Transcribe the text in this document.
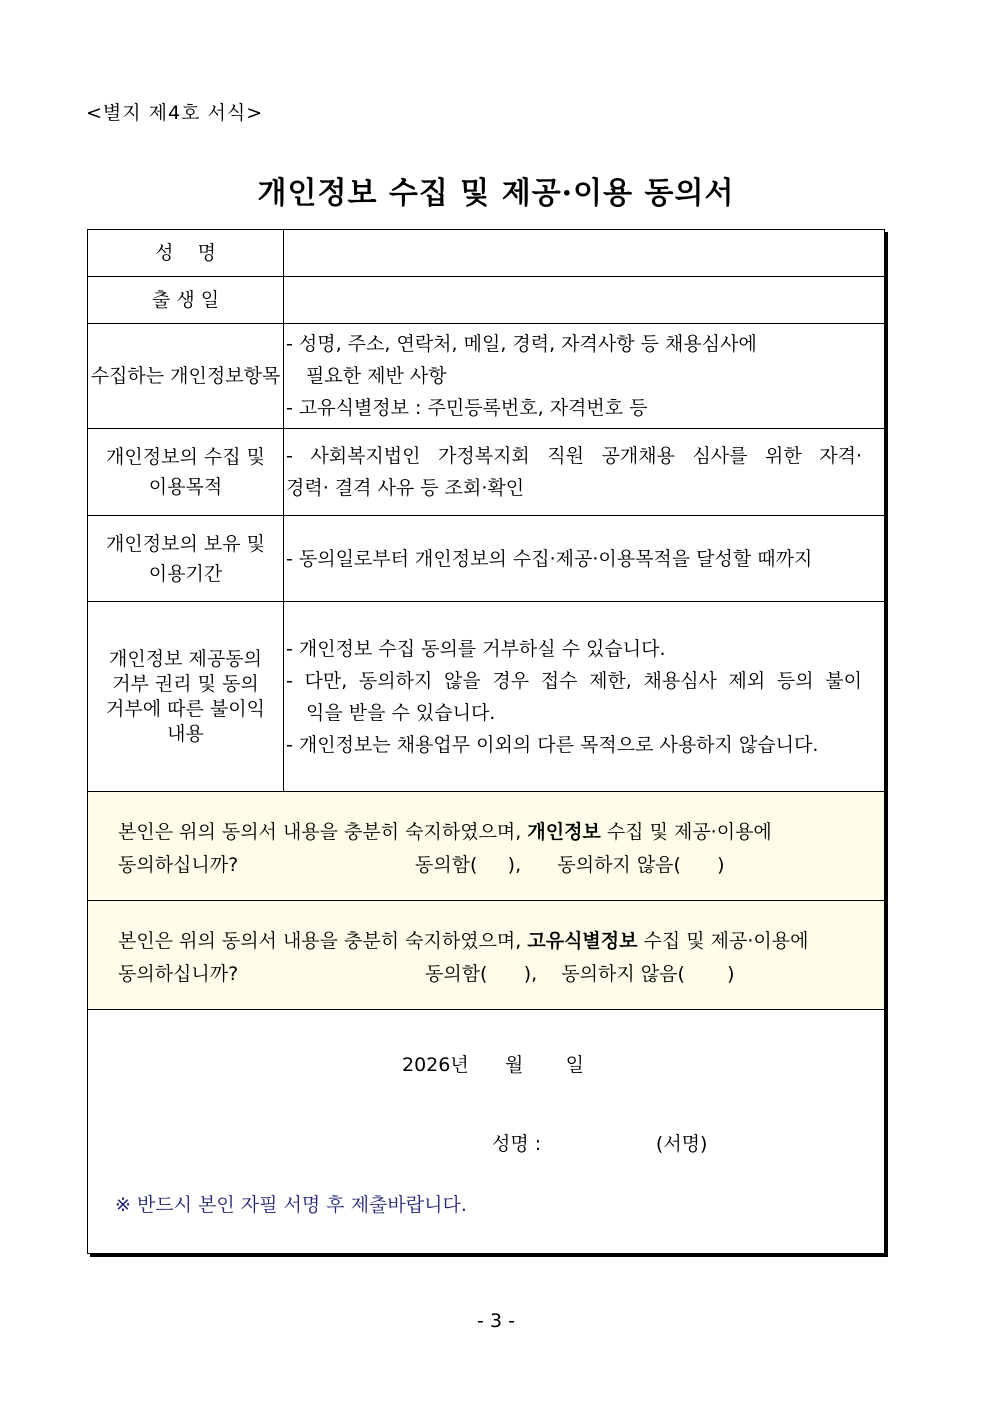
<별지 제4호 서식>
개인정보 수집 및 제공·이용 동의서
성    명
출 생 일
수집하는 개인정보항목
- 성명, 주소, 연락처, 메일, 경력, 자격사항 등 채용심사에
필요한 제반 사항
- 고유식별정보 : 주민등록번호, 자격번호 등
개인정보의 수집 및
이용목적
- 사회복지법인 가정복지회 직원 공개채용 심사를 위한 자격·
경력· 결격 사유 등 조회·확인
개인정보의 보유 및
이용기간
- 동의일로부터 개인정보의 수집·제공·이용목적을 달성할 때까지
개인정보 제공동의
거부 권리 및 동의
거부에 따른 불이익
내용
- 개인정보 수집 동의를 거부하실 수 있습니다.
- 다만, 동의하지 않을 경우 접수 제한, 채용심사 제외 등의 불이
익을 받을 수 있습니다.
- 개인정보는 채용업무 이외의 다른 목적으로 사용하지 않습니다.
본인은 위의 동의서 내용을 충분히 숙지하였으며, 개인정보 수집 및 제공·이용에
동의하십니까?	동의함(     ),      동의하지 않음(      )
본인은 위의 동의서 내용을 충분히 숙지하였으며, 고유식별정보 수집 및 제공·이용에
동의하십니까?	동의함(      ),    동의하지 않음(       )
2026년      월       일
성명 :                   (서명)
※ 반드시 본인 자필 서명 후 제출바랍니다.
- 3 -
